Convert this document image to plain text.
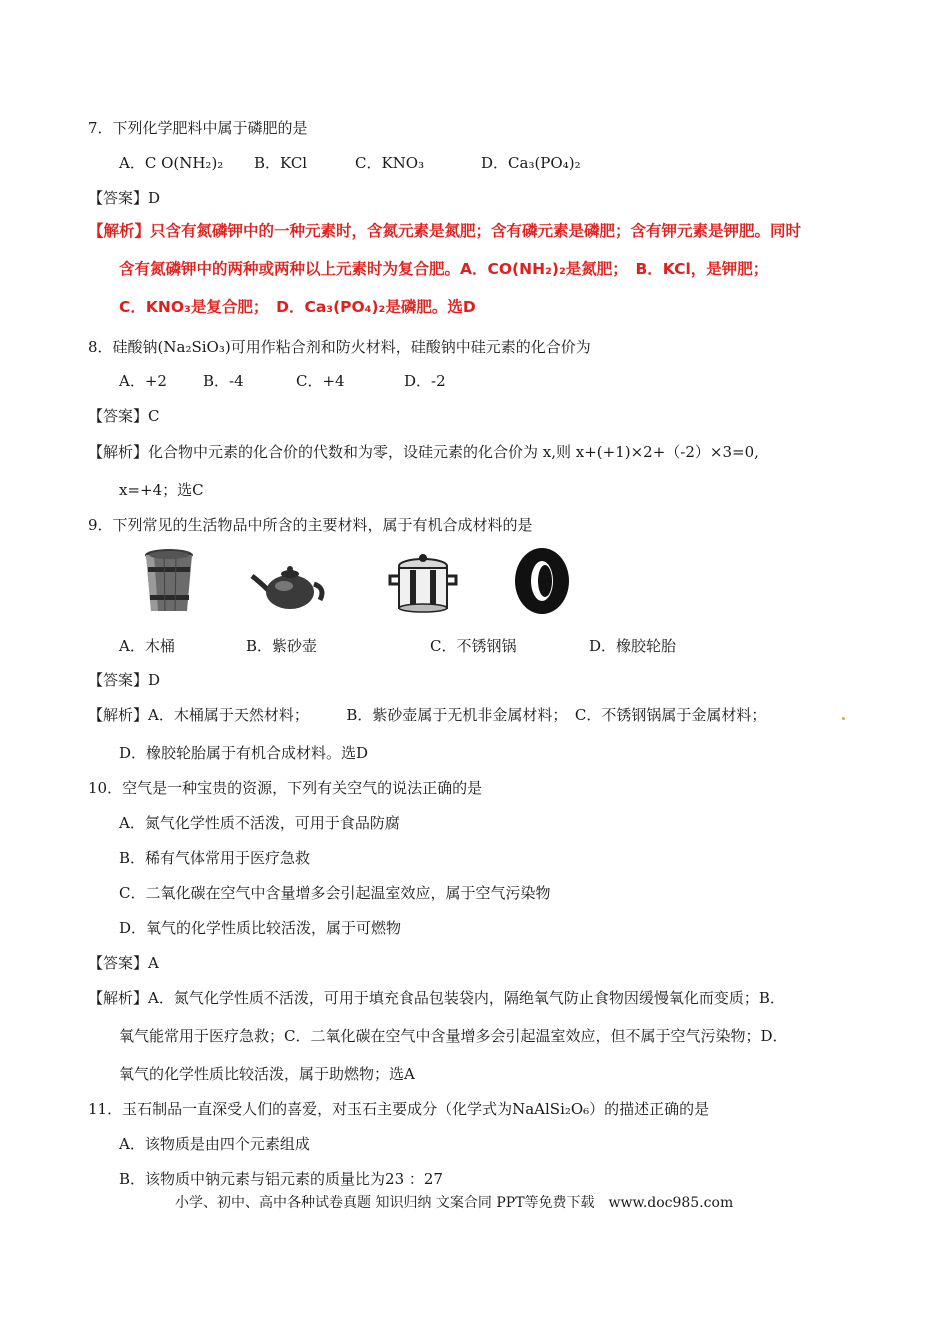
7．下列化学肥料中属于磷肥的是
A．C O(NH₂)₂ B．KCl	C．KNO₃	D．Ca₃(PO₄)₂
【答案】D
【解析】只含有氮磷钾中的一种元素时，含氮元素是氮肥；含有磷元素是磷肥；含有钾元素是钾肥。同时
含有氮磷钾中的两种或两种以上元素时为复合肥。A．CO(NH₂)₂是氮肥；　B．KCl，是钾肥；
C．KNO₃是复合肥；　D．Ca₃(PO₄)₂是磷肥。选D
8．硅酸钠(Na₂SiO₃)可用作粘合剂和防火材料，硅酸钠中硅元素的化合价为
A．+2 B．-4	C．+4	D．-2
【答案】C
【解析】化合物中元素的化合价的代数和为零，设硅元素的化合价为 x,则 x+(+1)×2+（-2）×3=0,
x=+4；选C
9．下列常见的生活物品中所含的主要材料，属于有机合成材料的是
A．木桶	B．紫砂壶	C．不锈钢锅	D．橡胶轮胎
【答案】D
【解析】A．木桶属于天然材料；　　　B．紫砂壶属于无机非金属材料；　C．不锈钢锅属于金属材料；
D．橡胶轮胎属于有机合成材料。选D
10．空气是一种宝贵的资源，下列有关空气的说法正确的是
A．氮气化学性质不活泼，可用于食品防腐
B．稀有气体常用于医疗急救
C．二氧化碳在空气中含量增多会引起温室效应，属于空气污染物
D．氧气的化学性质比较活泼，属于可燃物
【答案】A
【解析】A．氮气化学性质不活泼，可用于填充食品包装袋内，隔绝氧气防止食物因缓慢氧化而变质；B．
氧气能常用于医疗急救；C．二氧化碳在空气中含量增多会引起温室效应，但不属于空气污染物；D．
氧气的化学性质比较活泼，属于助燃物；选A
11．玉石制品一直深受人们的喜爱，对玉石主要成分（化学式为NaAlSi₂O₆）的描述正确的是
A．该物质是由四个元素组成
B．该物质中钠元素与铝元素的质量比为23 ：27
小学、初中、高中各种试卷真题 知识归纳 文案合同 PPT等免费下载　www.doc985.com
